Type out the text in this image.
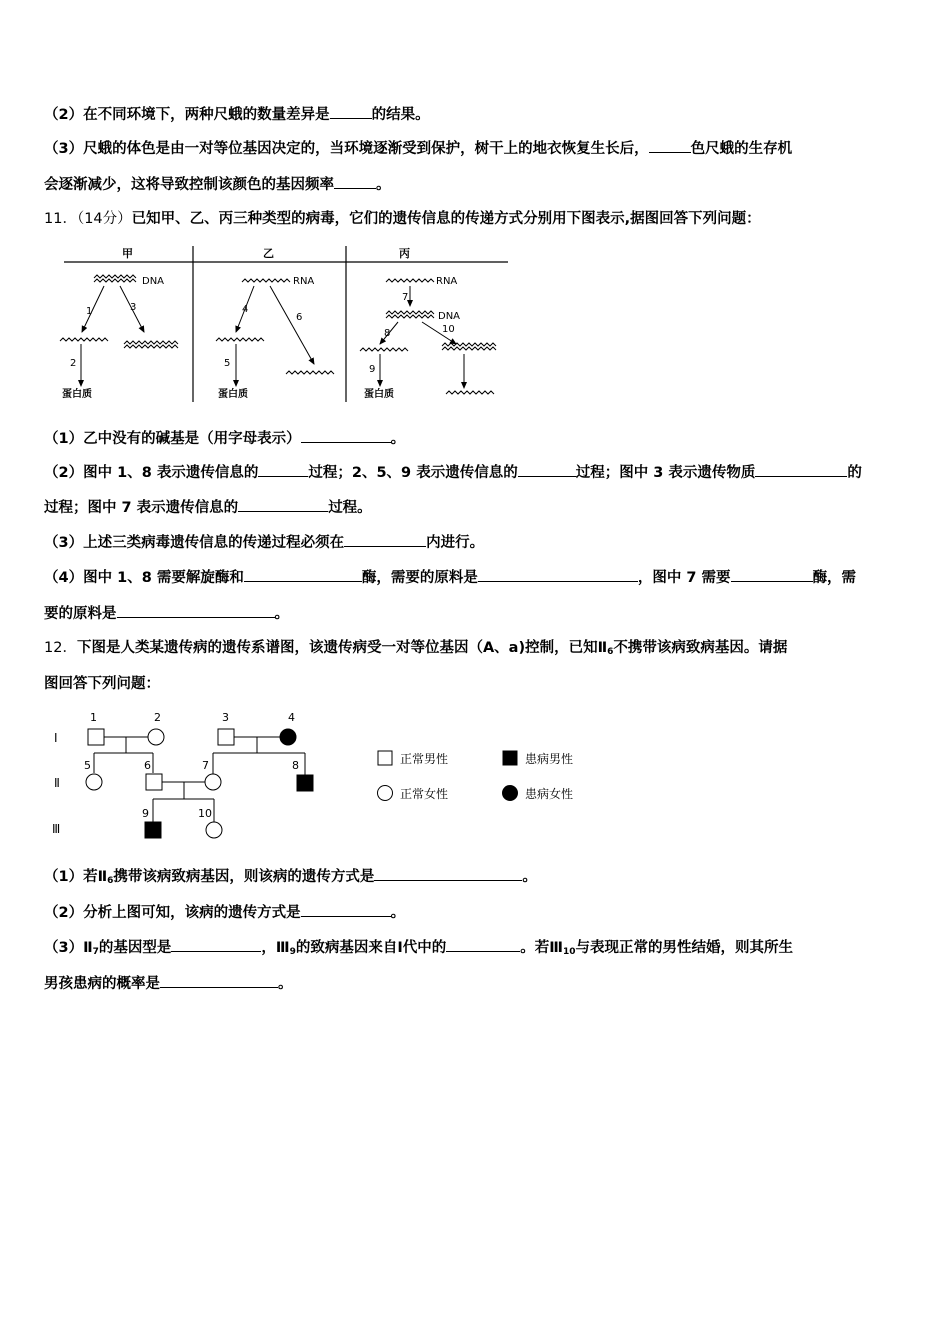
（2）在不同环境下，两种尺蛾的数量差异是	的结果。
（3）尺蛾的体色是由一对等位基因决定的，当环境逐渐受到保护，树干上的地衣恢复生长后，	色尺蛾的生存机
会逐渐减少，这将导致控制该颜色的基因频率	。
11．（14分）已知甲、乙、丙三种类型的病毒，它们的遗传信息的传递方式分别用下图表示,据图回答下列问题：
甲	乙	丙
DNA
1	3
2
蛋白质
RNA
4
6
5
蛋白质
RNA
7
DNA
8	10
9
蛋白质
（1）乙中没有的碱基是（用字母表示）	。
（2）图中 1、8 表示遗传信息的	过程；2、5、9 表示遗传信息的	过程；图中 3 表示遗传物质	的
过程；图中 7 表示遗传信息的	过程。
（3）上述三类病毒遗传信息的传递过程必须在	内进行。
（4）图中 1、8 需要解旋酶和	酶，需要的原料是	，图中 7 需要	酶，需
要的原料是	。
12．下图是人类某遗传病的遗传系谱图，该遗传病受一对等位基因（A、a)控制，已知$Ⅱ_6$不携带该病致病基因。请据
图回答下列问题：
Ⅰ
Ⅱ
Ⅲ
1	2	3	4
5	6	7	8
9	10
正常男性	患病男性
正常女性	患病女性
（1）若$Ⅱ_6$携带该病致病基因，则该病的遗传方式是	。
（2）分析上图可知，该病的遗传方式是	。
$(3)Ⅱ_7$的基因型是	，$Ⅲ_9$的致病基因来自Ⅰ代中的	。若$Ⅲ_{10}$与表现正常的男性结婚，则其所生
男孩患病的概率是	。
